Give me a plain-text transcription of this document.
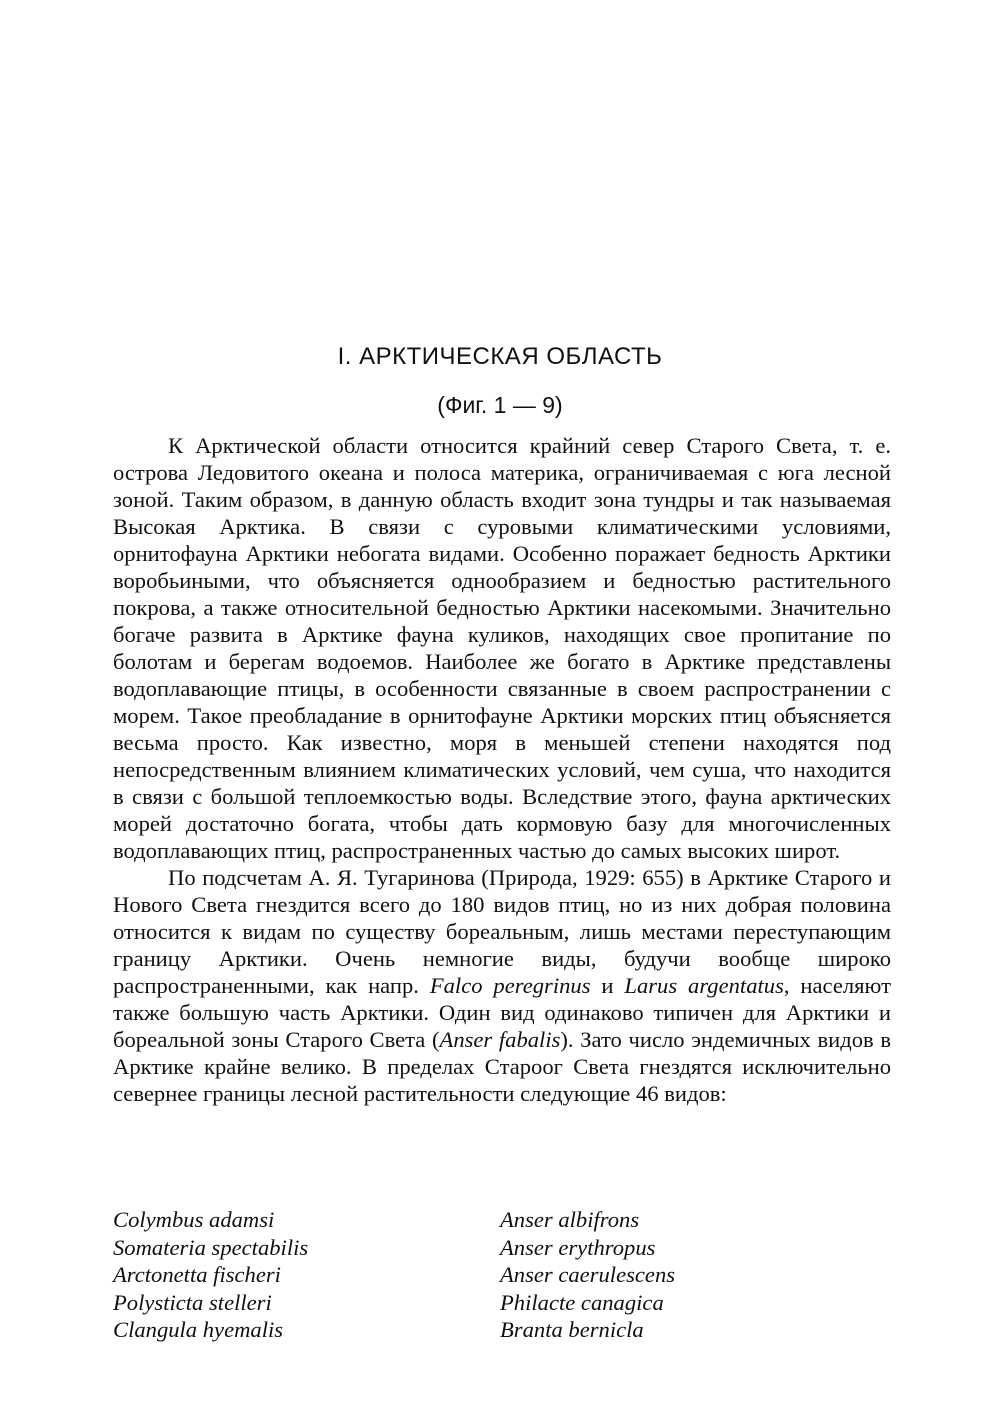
I. АРКТИЧЕСКАЯ ОБЛАСТЬ
(Фиг. 1 — 9)

К Арктической области относится крайний север Старого Света, т. е. острова Ледовитого океана и полоса материка, ограничиваемая с юга лесной зоной. Таким образом, в данную область входит зона тундры и так называемая Высокая Арктика. В связи с суровыми климатическими условиями, орнитофауна Арктики небогата видами. Особенно поражает бедность Арктики воробьиными, что объясняется однообразием и бедностью растительного покрова, а также относительной бедностью Арктики насекомыми. Значительно богаче развита в Арктике фауна куликов, находящих свое пропитание по болотам и берегам водоемов. Наиболее же богато в Арктике представлены водоплавающие птицы, в особенности связанные в своем распространении с морем. Такое преобладание в орнитофауне Арктики морских птиц объясняется весьма просто. Как известно, моря в меньшей степени находятся под непосредственным влиянием климатических условий, чем суша, что находится в связи с большой теплоемкостью воды. Вследствие этого, фауна арктических морей достаточно богата, чтобы дать кормовую базу для многочисленных водоплавающих птиц, распространенных частью до самых высоких широт.

По подсчетам А. Я. Тугаринова (Природа, 1929: 655) в Арктике Старого и Нового Света гнездится всего до 180 видов птиц, но из них добрая половина относится к видам по существу бореальным, лишь местами переступающим границу Арктики. Очень немногие виды, будучи вообще широко распространенными, как напр. Falco peregrinus и Larus argentatus, населяют также большую часть Арктики. Один вид одинаково типичен для Арктики и бореальной зоны Старого Света (Anser fabalis). Зато число эндемичных видов в Арктике крайне велико. В пределах Староог Света гнездятся исключительно севернее границы лесной растительности следующие 46 видов:

Colymbus adamsi
Somateria spectabilis
Arctonetta fischeri
Polysticta stelleri
Clangula hyemalis
Anser albifrons
Anser erythropus
Anser caerulescens
Philacte canagica
Branta bernicla
